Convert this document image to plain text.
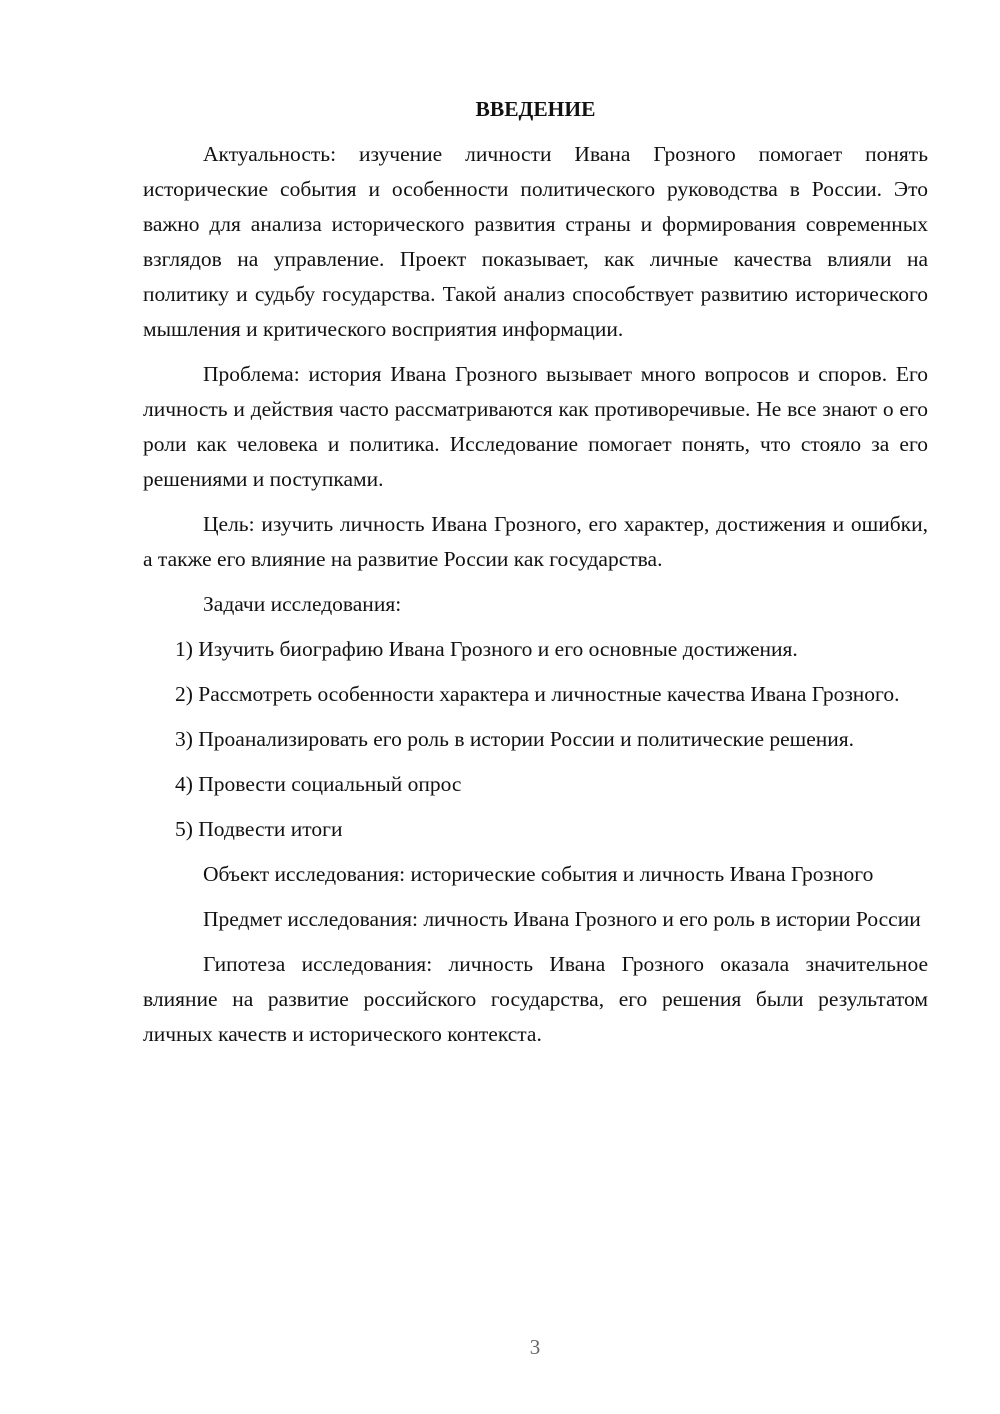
ВВЕДЕНИЕ

Актуальность: изучение личности Ивана Грозного помогает понять исторические события и особенности политического руководства в России. Это важно для анализа исторического развития страны и формирования современных взглядов на управление. Проект показывает, как личные качества влияли на политику и судьбу государства. Такой анализ способствует развитию исторического мышления и критического восприятия информации.

Проблема: история Ивана Грозного вызывает много вопросов и споров. Его личность и действия часто рассматриваются как противоречивые. Не все знают о его роли как человека и политика. Исследование помогает понять, что стояло за его решениями и поступками.

Цель: изучить личность Ивана Грозного, его характер, достижения и ошибки, а также его влияние на развитие России как государства.

Задачи исследования:

1) Изучить биографию Ивана Грозного и его основные достижения.

2) Рассмотреть особенности характера и личностные качества Ивана Грозного.

3) Проанализировать его роль в истории России и политические решения.

4) Провести социальный опрос

5) Подвести итоги

Объект исследования: исторические события и личность Ивана Грозного

Предмет исследования: личность Ивана Грозного и его роль в истории России

Гипотеза исследования: личность Ивана Грозного оказала значительное влияние на развитие российского государства, его решения были результатом личных качеств и исторического контекста.

3
